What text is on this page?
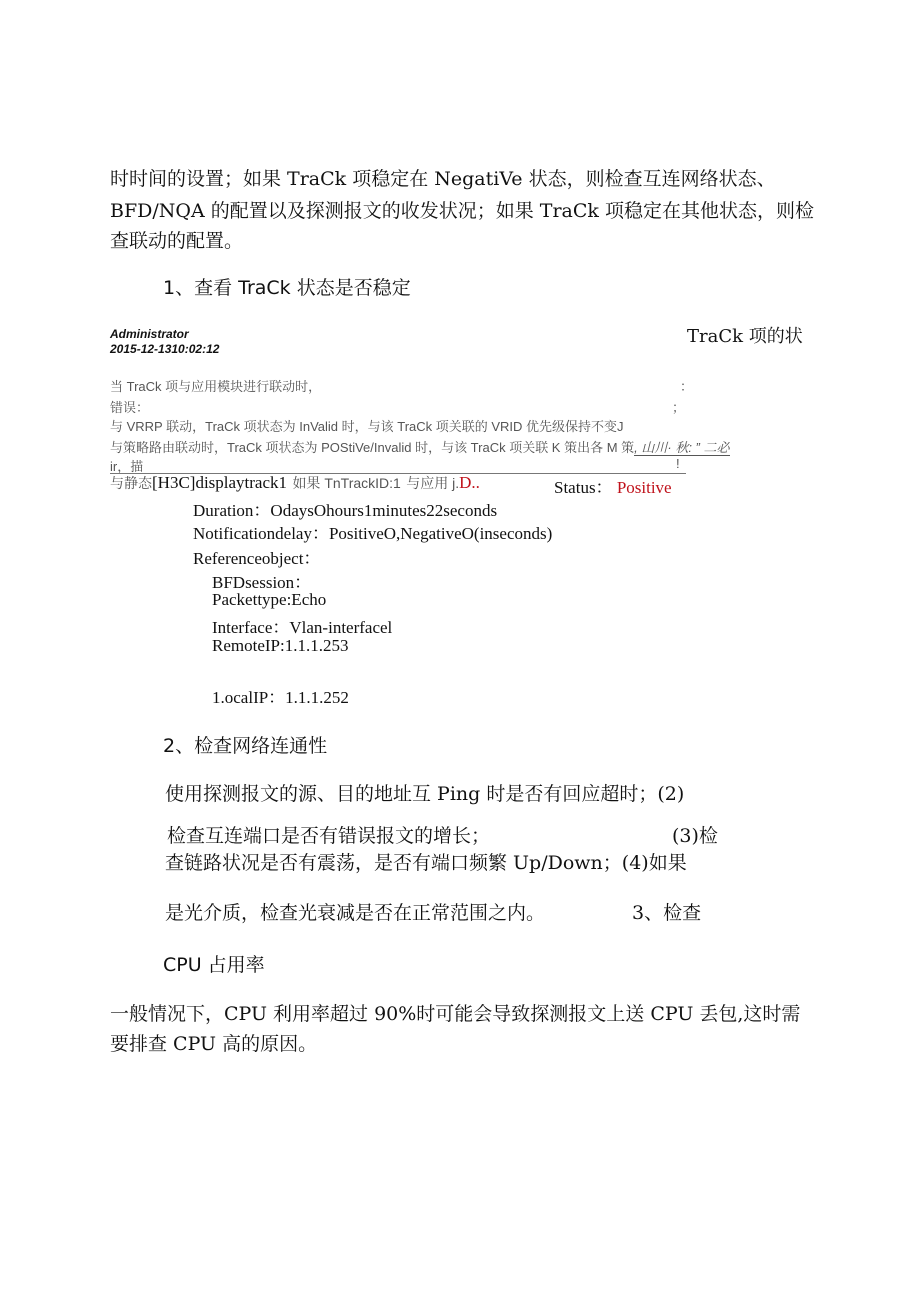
时时间的设置；如果 TraCk 项稳定在 NegatiVe 状态，则检查互连网络状态、
BFD/NQA 的配置以及探测报文的收发状况；如果 TraCk 项稳定在其他状态，则检
查联动的配置。
1、查看 TraCk 状态是否稳定
Administrator
2015-12-1310:02:12
TraCk 项的状
当 TraCk 项与应用模块进行联动时，	：
错误：	；
与 VRRP 联动，TraCk 项状态为 InValid 时，与该 TraCk 项关联的 VRID 优先级保持不变J
与策略路由联动时，TraCk 项状态为 POStiVe/Invalid 时，与该 TraCk 项关联 K 策出各 M 策, 山川· 秋: ” 二必
ir，描	!
与静态[H3C]displaytrack1 如果 TnTrackID:1 与应用 j.D..	Status： Positive
Duration：OdaysOhours1minutes22seconds
Notificationdelay：PositiveO,NegativeO(inseconds)
Referenceobject：
BFDsession：
Packettype:Echo
Interface：Vlan-interfacel
RemoteIP:1.1.1.253
1.ocalIP：1.1.1.252
2、检查网络连通性
使用探测报文的源、目的地址互 Ping 时是否有回应超时；(2)
检查互连端口是否有错误报文的增长；	(3)检
查链路状况是否有震荡，是否有端口频繁 Up/Down；(4)如果
是光介质，检查光衰减是否在正常范围之内。	3、检查
CPU 占用率
一般情况下，CPU 利用率超过 90%时可能会导致探测报文上送 CPU 丢包,这时需
要排查 CPU 高的原因。
